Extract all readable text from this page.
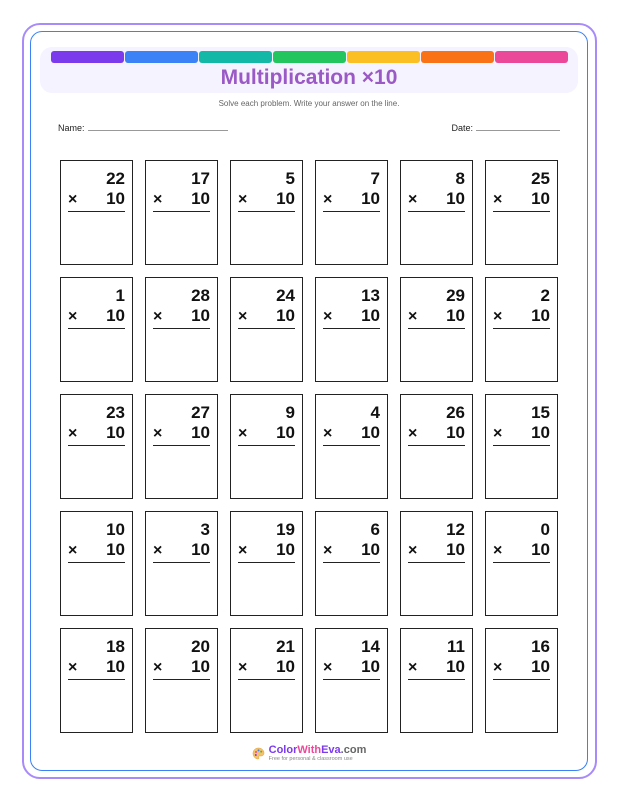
Multiplication ×10
Solve each problem. Write your answer on the line.
Name:	Date:
22
× 10
17
× 10
5
× 10
7
× 10
8
× 10
25
× 10
1
× 10
28
× 10
24
× 10
13
× 10
29
× 10
2
× 10
23
× 10
27
× 10
9
× 10
4
× 10
26
× 10
15
× 10
10
× 10
3
× 10
19
× 10
6
× 10
12
× 10
0
× 10
18
× 10
20
× 10
21
× 10
14
× 10
11
× 10
16
× 10
ColorWithEva.com
Free for personal & classroom use
